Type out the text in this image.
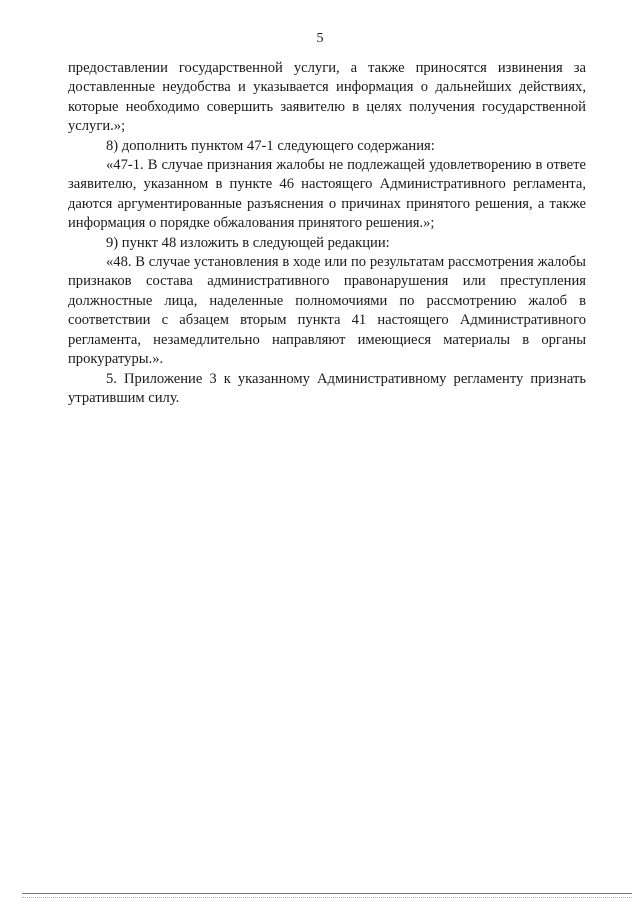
5

предоставлении государственной услуги, а также приносятся извинения за доставленные неудобства и указывается информация о дальнейших действиях, которые необходимо совершить заявителю в целях получения государственной услуги.»;

8) дополнить пунктом 47-1 следующего содержания:

«47-1. В случае признания жалобы не подлежащей удовлетворению в ответе заявителю, указанном в пункте 46 настоящего Административного регламента, даются аргументированные разъяснения о причинах принятого решения, а также информация о порядке обжалования принятого решения.»;

9) пункт 48 изложить в следующей редакции:

«48. В случае установления в ходе или по результатам рассмотрения жалобы признаков состава административного правонарушения или преступления должностные лица, наделенные полномочиями по рассмотрению жалоб в соответствии с абзацем вторым пункта 41 настоящего Административного регламента, незамедлительно направляют имеющиеся материалы в органы прокуратуры.».

5. Приложение 3 к указанному Административному регламенту признать утратившим силу.
